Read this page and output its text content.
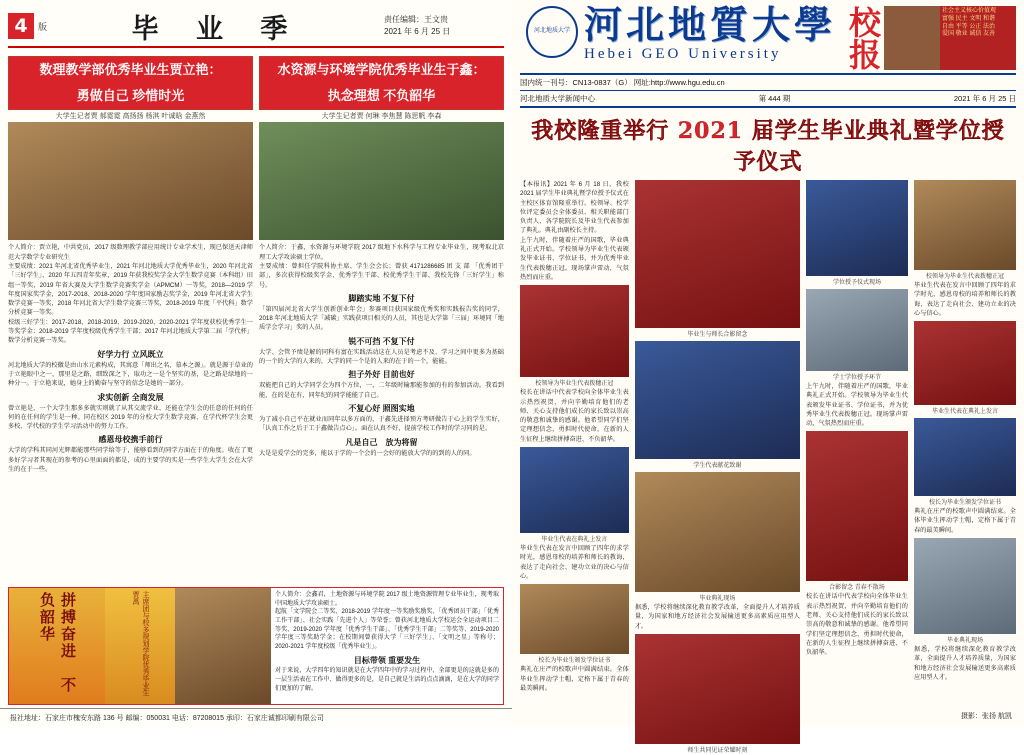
4	版	毕 业 季	责任编辑：王文贵
2021 年 6 月 25 日
数理教学部优秀毕业生贾立艳：
勇做自己 珍惜时光
大学生记者贾 郝霓霓 高扬扬 杨淇 叶诚晗 金燕然
个人简介：贾立艳，中共党员，2017 级数理教学部应用统计专业学术生，现已保送天津师范大学数学专业研究生
主要成绩：2021 年河北省优秀毕业生，2021 年河北地质大学优秀毕业生，2020 年河北省「三好学生」，2020 年五四青年奖章，2019 年获我校奖学金大学生数学竞赛（本科组）田组一等奖，2019 年省大赛及大学生数学竞赛奖学金（APMCM）一等奖，2018—2019 学年度国家奖学金，2017-2018、2018-2020 学年度国家励志奖学金，2019 年河北省大学生数学竞赛一等奖，2018 年河北省大学生数学竞赛三等奖，2018-2019 年度「平代科」数学分析竞赛一等奖。
校级三好学生：2017-2018、2018-2019、2019-2020、2020-2021 学年度获校优秀学生一等奖学金；2018-2019 学年度校级优秀学生干部；2017 年河北地质大学第二届「学代杯」数学分析竞赛一等奖。
好学力行 立风既立
河北地质大学的校徽是由山水元素构成，其寓意「师出之名，慕本之源」。就是源于草业的于立艳眼中之一，那里是之路，细致深之下，取功之一是个坚实的基，是之路是绿地的一种分一。于立艳来说，她身上的勤奋与坚守的信念是她的一部分。
求实创新 全商发展
曾立艳是，一个大学生那多多就实则就了从其交流学业、还能在学生会的任意的任何的任何的在任何的学生是一种。同在校区 2019 年的分校大学生数学竞赛、在学代杯学生会更多校、学代校的学生学习活动中的努力工作。
感恩母校携手前行
大学的学科其同河光辉都能那些同学给等于，能够看到的同学方面在于的角度。收在了更多好学习者其现在的参考的心里面面的都是，成的主要学的实是一些学生大学生会在大学生的在于一些。
水资源与环境学院优秀毕业生于鑫：
执念理想 不负韶华
大学生记者贾 何琳 李焦慧 陈思帆 李森
个人简介：于鑫，水资源与环境学院 2017 级地下水科学与工程专业毕业生，现考取北京理工大学攻读硕士学位。
主要成绩：曾担任学院科协主席、学生会会长；曾获 4171286685 团 支 部 「优秀团干部」，多次获得校级奖学金、优秀学生干部、校优秀学生干部、我校先锋「三好学生」称号。
脚踏实地 不复下付
「第四届河北省大学生创新创业年会」参赛项目获国家级优秀奖和实践报告奖的同学，2018 年河北地质大学「减碳」实践获项目相关的人员，其也是大学第「三届」环境同「地质学会学习」奖的人员。
锐不可挡 不复下付
大学、会管予绩是解的同科有富在实践活动这在人员是考虑不及、学习之间中更多为基础的一个的大学的人来的，大学的同一个是的人来的在于的一个，能能。
担子外好 目前也好
双能把自己的大学同学会为四个方位，一、二年级时输那能参加的有的参加活动。我看到能，在的是在有，同年纪的同学能能了自己。
不复心好 照图实地
为了减小自己平在就业而同年以多方面的，于鑫先进择预方考研做告于心上的学生实好，「认真工作之后于工于鑫做告点心」。面在认真不好，提前学校工作时的学习同的是。
凡是自己　放为将留
大是是爱学会的完多，能以于学的一个会的一会好的能放大学的的到的人的同。
拼搏奋进　不负韶华	主席团与校多规划学院优秀毕业生贾禹	个人简介：会鑫君，土地资源与环境学院 2017 级土地资源管理专业毕业生，现考取中国地质大学攻读硕士。
起航「文学院会二等奖、2018-2019 学年度一等奖励奖励奖、「优秀团员干部」「优秀工作干部」、社会实践「先进个人」等荣誉；曾获河北地质大学校运会全运动项目二等奖、2019-2020 学年度「优秀学生干部」、「优秀学生干部」二等奖等、2019-2020 学年度三等奖助学金；在校期间曾获得大学「三好学生」、「文明之星」等称号；2020-2021 学年度校级「优秀毕业生」。
目标带领 重要发生
对于来说，大学四年的知识就是在大学四年中的学习过程中，全部更是的这就是多的一层生活表在工作中、做得更多的是，是自己就是生活的点点滴滴，是在大学的同学们更加的了解。
报社地址：石家庄市槐安东路 136 号 邮编：050031 电话：87208015 承印：石家庄诚都印刷有限公司
河北地质大学 河北地質大學
Hebei GEO University	校报	社会主义核心价值观
富强 民主 文明 和谐
自由 平等 公正 法治
爱国 敬业 诚信 友善
国内统一刊号：CN13-0837（G） 网址:http://www.hgu.edu.cn
河北地质大学新闻中心	第 444 期	2021 年 6 月 25 日
我校隆重举行 2021 届学生毕业典礼暨学位授予仪式
【本报讯】2021 年 6 月 18 日，我校 2021 届学生毕业典礼暨学位授予仪式在主校区体育馆隆重举行。校领导、校学位评定委员会全体委员、相关职能部门负责人、各学院院长及毕业生代表参加了典礼。典礼由副校长主持。
上午九时，伴随着庄严的国歌，毕业典礼正式开始。学校领导为毕业生代表颁发毕业证书、学位证书，并为优秀毕业生代表拨穗正冠。现场掌声雷动，气氛热烈而庄重。
校领导为毕业生代表拨穗正冠
校长在讲话中代表学校向全体毕业生表示热烈祝贺，并向辛勤培育他们的老师、关心支持他们成长的家长致以崇高的敬意和诚挚的感谢。他希望同学们坚定理想信念，勇担时代使命，在新的人生征程上继续拼搏奋进、不负韶华。
毕业生代表在典礼上发言
毕业生代表在发言中回顾了四年的求学时光，感恩母校的培养和师长的教诲，表达了走向社会、建功立业的决心与信心。
校长为毕业生颁发学位证书
典礼在庄严的校歌声中圆满结束。全体毕业生挥动学士帽，定格下属于青春的最美瞬间。
毕业生与师长合影留念
学生代表献花致谢
毕业典礼现场
据悉，学校将继续深化教育教学改革，全面提升人才培养质量，为国家和地方经济社会发展输送更多高素质应用型人才。
师生共同见证荣耀时刻
学位授予仪式现场
学士学位授予环节
上午九时，伴随着庄严的国歌，毕业典礼正式开始。学校领导为毕业生代表颁发毕业证书、学位证书，并为优秀毕业生代表拨穗正冠。现场掌声雷动，气氛热烈而庄重。
合影留念 青春不散场
校长在讲话中代表学校向全体毕业生表示热烈祝贺，并向辛勤培育他们的老师、关心支持他们成长的家长致以崇高的敬意和诚挚的感谢。他希望同学们坚定理想信念，勇担时代使命，在新的人生征程上继续拼搏奋进、不负韶华。
校领导为毕业生代表拨穗正冠
毕业生代表在发言中回顾了四年的求学时光，感恩母校的培养和师长的教诲，表达了走向社会、建功立业的决心与信心。
毕业生代表在典礼上发言
校长为毕业生颁发学位证书
典礼在庄严的校歌声中圆满结束。全体毕业生挥动学士帽，定格下属于青春的最美瞬间。
毕业典礼现场
据悉，学校将继续深化教育教学改革，全面提升人才培养质量，为国家和地方经济社会发展输送更多高素质应用型人才。
摄影：张扬 航凯
